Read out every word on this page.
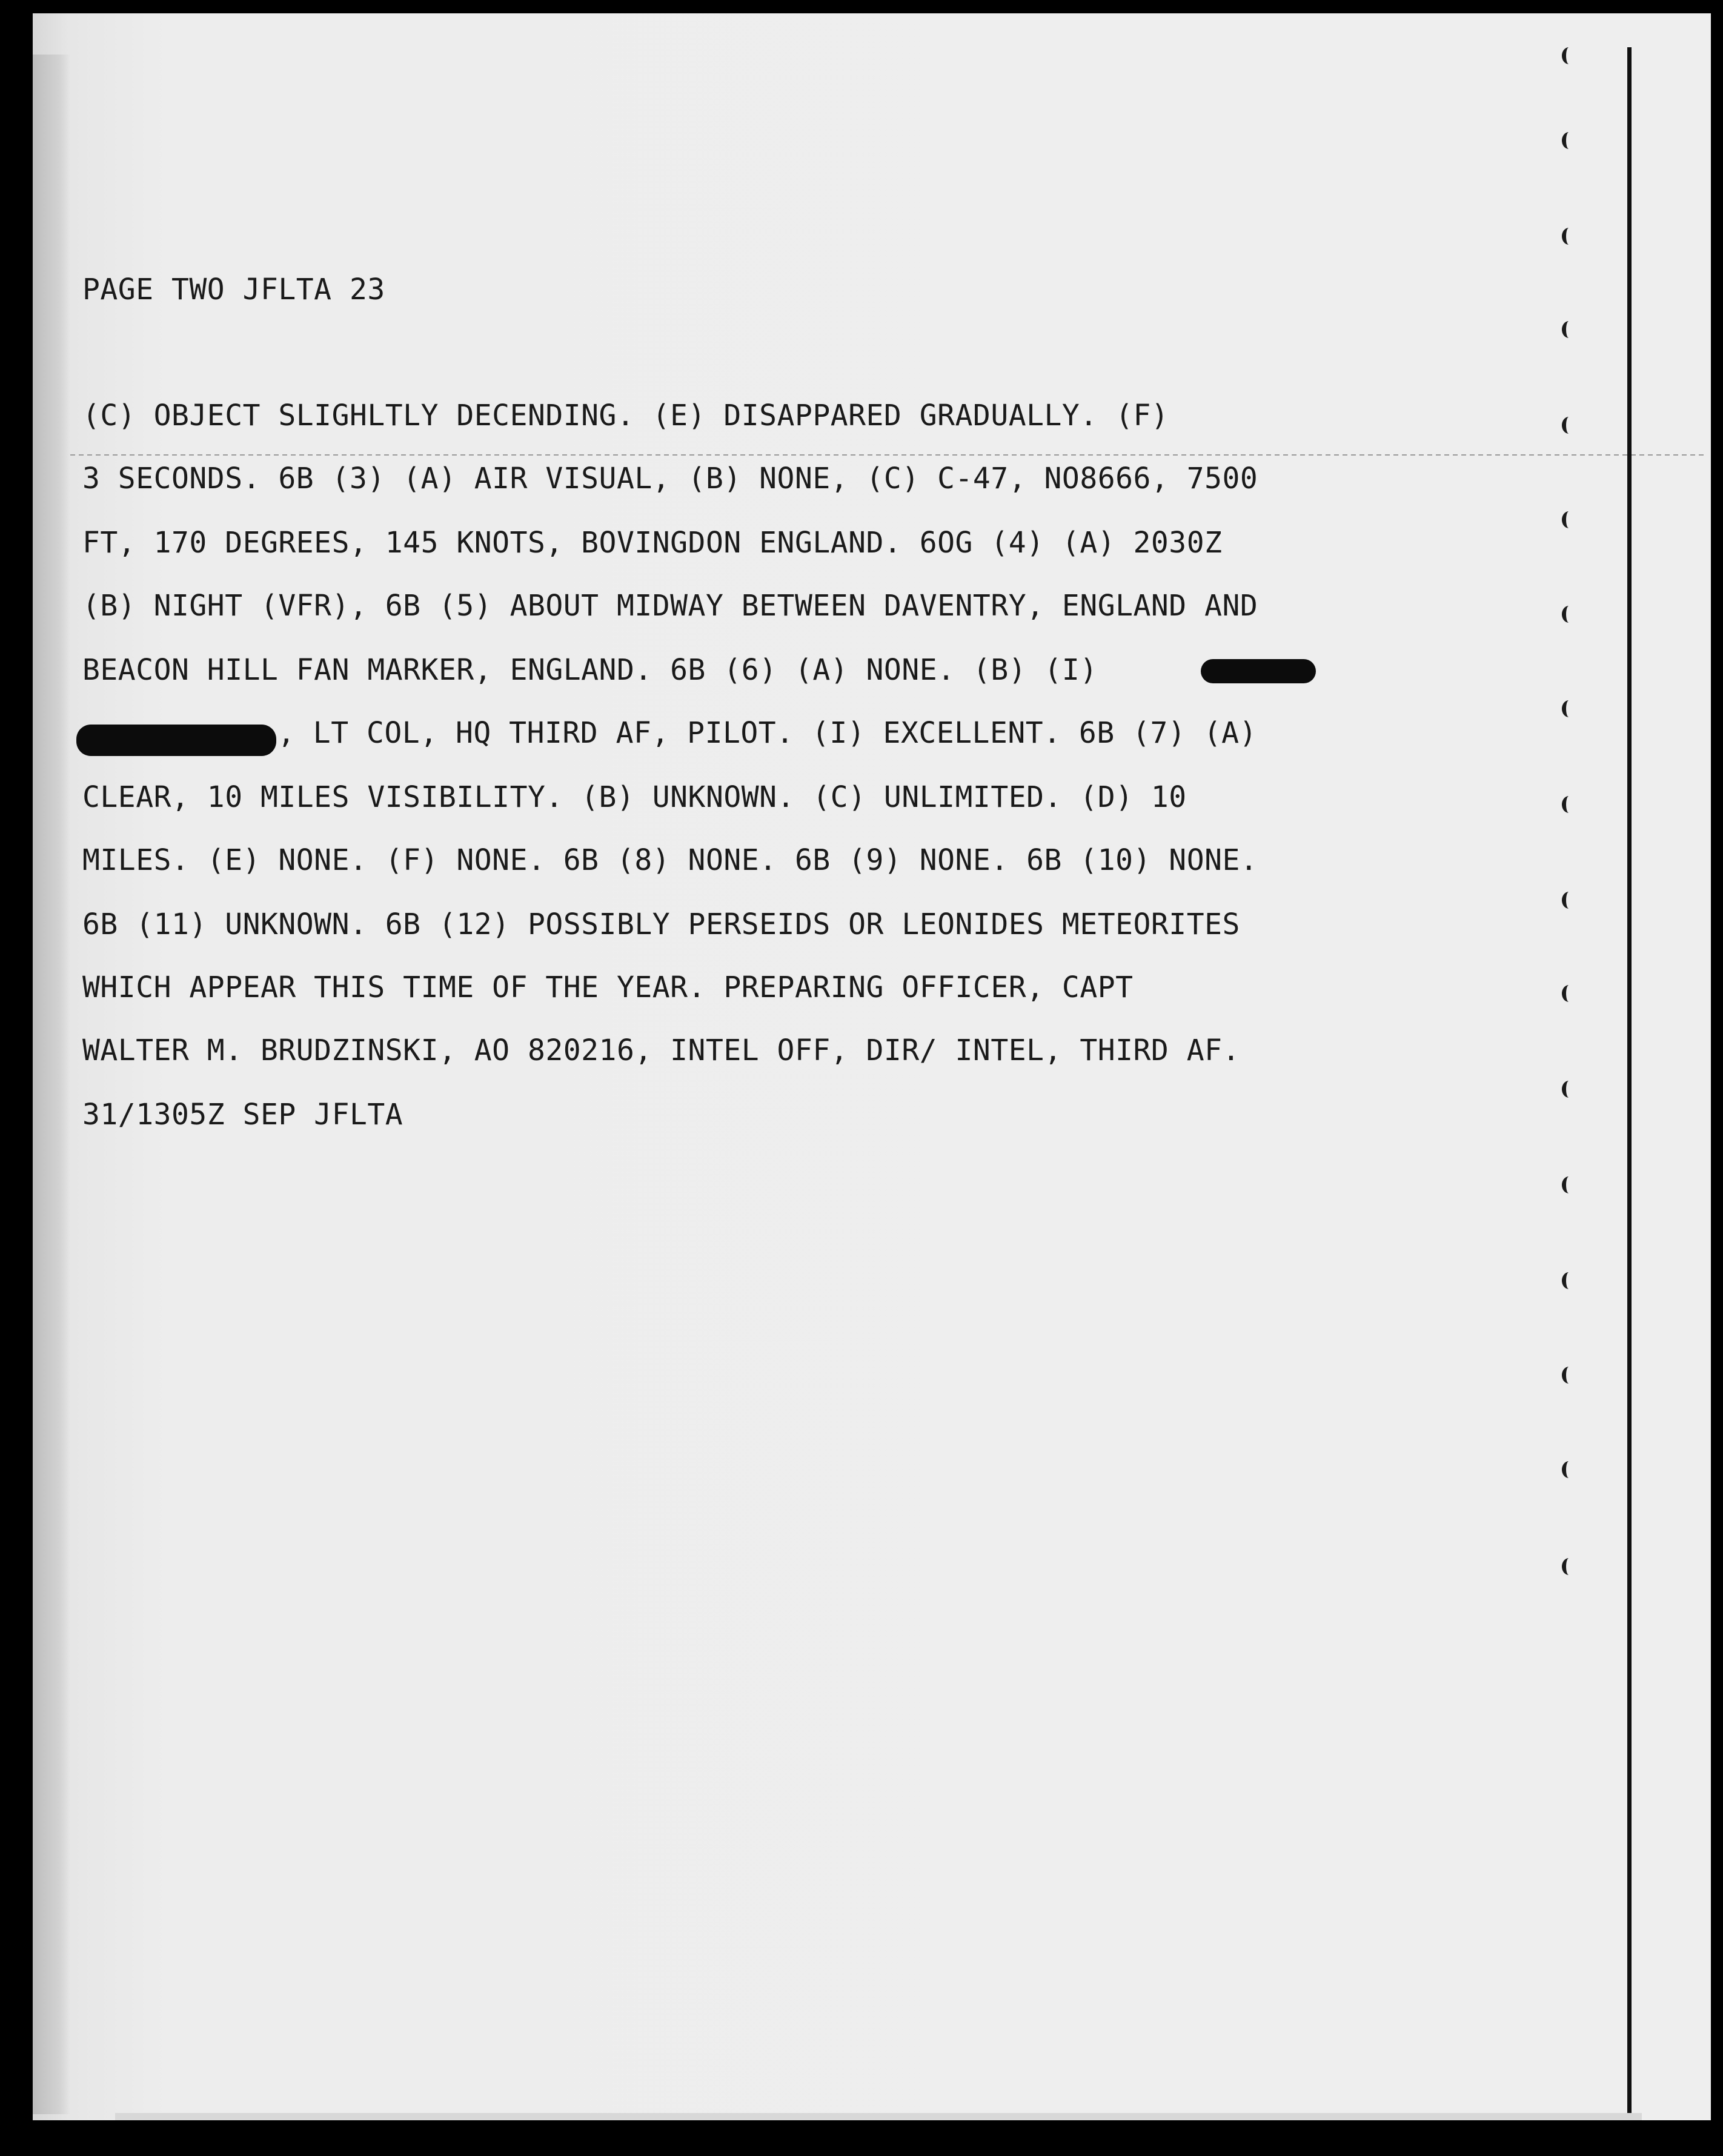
PAGE TWO JFLTA 23
(C) OBJECT SLIGHLTLY DECENDING. (E) DISAPPARED GRADUALLY. (F)
3 SECONDS. 6B (3) (A) AIR VISUAL, (B) NONE, (C) C-47, NO8666, 7500
FT, 170 DEGREES, 145 KNOTS, BOVINGDON ENGLAND. 6OG (4) (A) 2030Z
(B) NIGHT (VFR), 6B (5) ABOUT MIDWAY BETWEEN DAVENTRY, ENGLAND AND
BEACON HILL FAN MARKER, ENGLAND. 6B (6) (A) NONE. (B) (I)
, LT COL, HQ THIRD AF, PILOT. (I) EXCELLENT. 6B (7) (A)
CLEAR, 10 MILES VISIBILITY. (B) UNKNOWN. (C) UNLIMITED. (D) 10
MILES. (E) NONE. (F) NONE. 6B (8) NONE. 6B (9) NONE. 6B (10) NONE.
6B (11) UNKNOWN. 6B (12) POSSIBLY PERSEIDS OR LEONIDES METEORITES
WHICH APPEAR THIS TIME OF THE YEAR. PREPARING OFFICER, CAPT
WALTER M. BRUDZINSKI, AO 820216, INTEL OFF, DIR/ INTEL, THIRD AF.
31/1305Z SEP JFLTA
